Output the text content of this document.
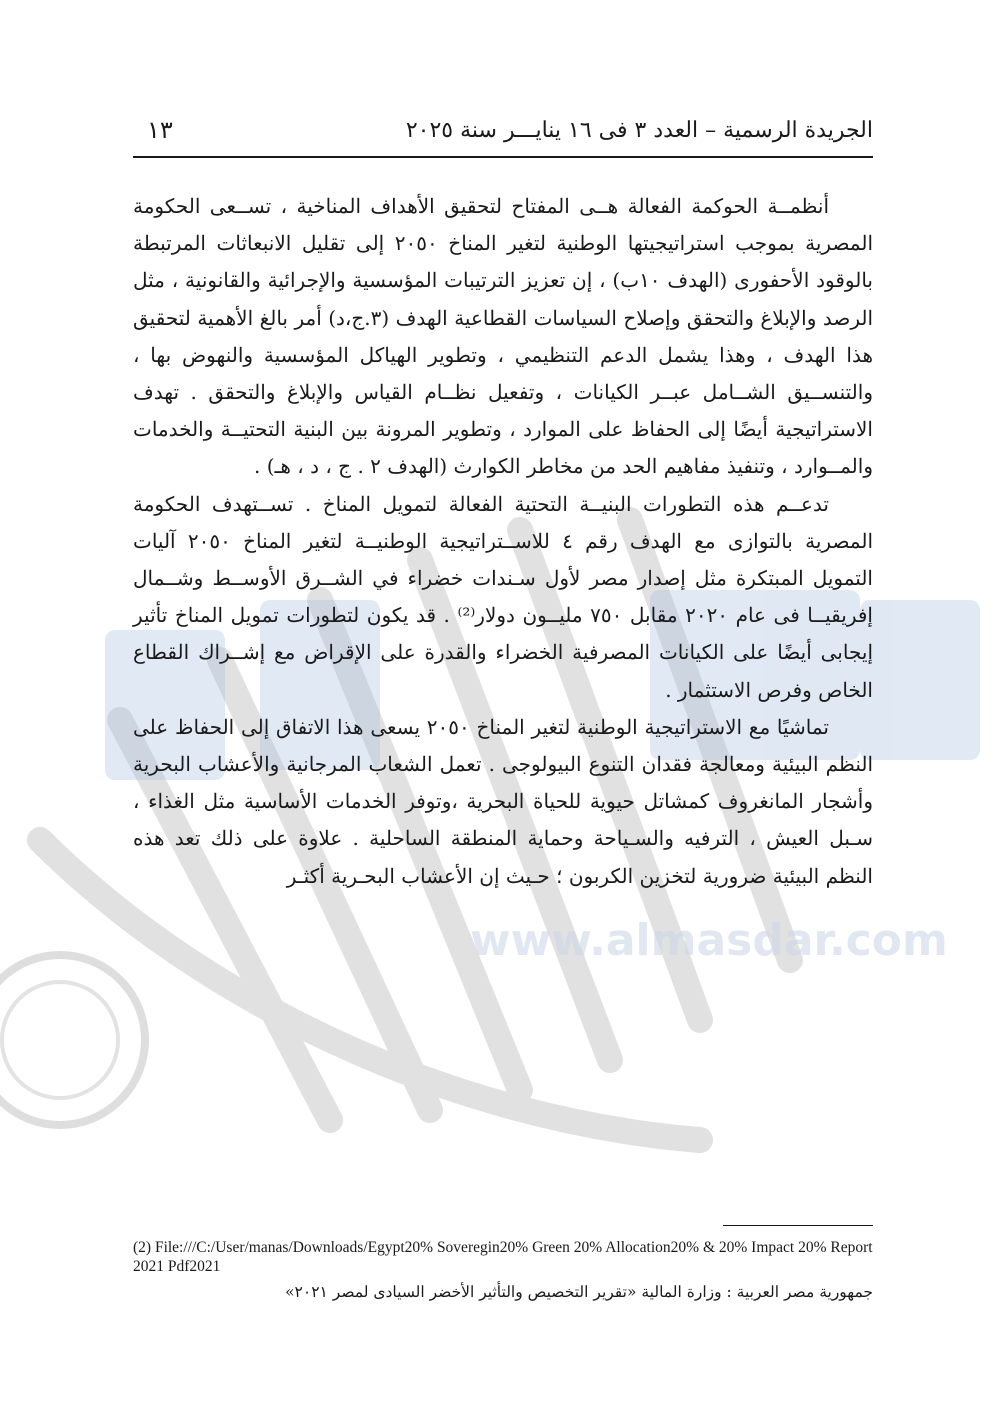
www.almasdar.com
الجريدة الرسمية – العدد ٣ فى ١٦ ينايـــر سنة ٢٠٢٥
١٣

أنظمــة الحوكمة الفعالة هــى المفتاح لتحقيق الأهداف المناخية ، تســعى الحكومة المصرية بموجب استراتيجيتها الوطنية لتغير المناخ ٢٠٥٠ إلى تقليل الانبعاثات المرتبطة بالوقود الأحفورى (الهدف ١٠ب) ، إن تعزيز الترتيبات المؤسسية والإجرائية والقانونية ، مثل الرصد والإبلاغ والتحقق وإصلاح السياسات القطاعية الهدف (٣.ج،د) أمر بالغ الأهمية لتحقيق هذا الهدف ، وهذا يشمل الدعم التنظيمي ، وتطوير الهياكل المؤسسية والنهوض بها ، والتنســيق الشــامل عبــر الكيانات ، وتفعيل نظــام القياس والإبلاغ والتحقق . تهدف الاستراتيجية أيضًا إلى الحفاظ على الموارد ، وتطوير المرونة بين البنية التحتيــة والخدمات والمــوارد ، وتنفيذ مفاهيم الحد من مخاطر الكوارث (الهدف ٢ . ج ، د ، هـ) .

تدعــم هذه التطورات البنيــة التحتية الفعالة لتمويل المناخ . تســتهدف الحكومة المصرية بالتوازى مع الهدف رقم ٤ للاســتراتيجية الوطنيــة لتغير المناخ ٢٠٥٠ آليات التمويل المبتكرة مثل إصدار مصر لأول سـندات خضراء في الشــرق الأوســط وشــمال إفريقيــا فى عام ٢٠٢٠ مقابل ٧٥٠ مليــون دولار⁽²⁾ . قد يكون لتطورات تمويل المناخ تأثير إيجابى أيضًا على الكيانات المصرفية الخضراء والقدرة على الإقراض مع إشــراك القطاع الخاص وفرص الاستثمار .

تماشيًا مع الاستراتيجية الوطنية لتغير المناخ ٢٠٥٠ يسعى هذا الاتفاق إلى الحفاظ على النظم البيئية ومعالجة فقدان التنوع البيولوجى . تعمل الشعاب المرجانية والأعشاب البحرية وأشجار المانغروف كمشاتل حيوية للحياة البحرية ،وتوفر الخدمات الأساسية مثل الغذاء ، سـبل العيش ، الترفيه والسـياحة وحماية المنطقة الساحلية . علاوة على ذلك تعد هذه النظم البيئية ضرورية لتخزين الكربون ؛ حـيث إن الأعشاب البحـرية أكثـر

(2) File:///C:/User/manas/Downloads/Egypt20% Soveregin20% Green 20% Allocation20% & 20% Impact 20% Report 2021 Pdf2021
جمهورية مصر العربية : وزارة المالية «تقرير التخصيص والتأثير الأخضر السيادى لمصر ٢٠٢١»
